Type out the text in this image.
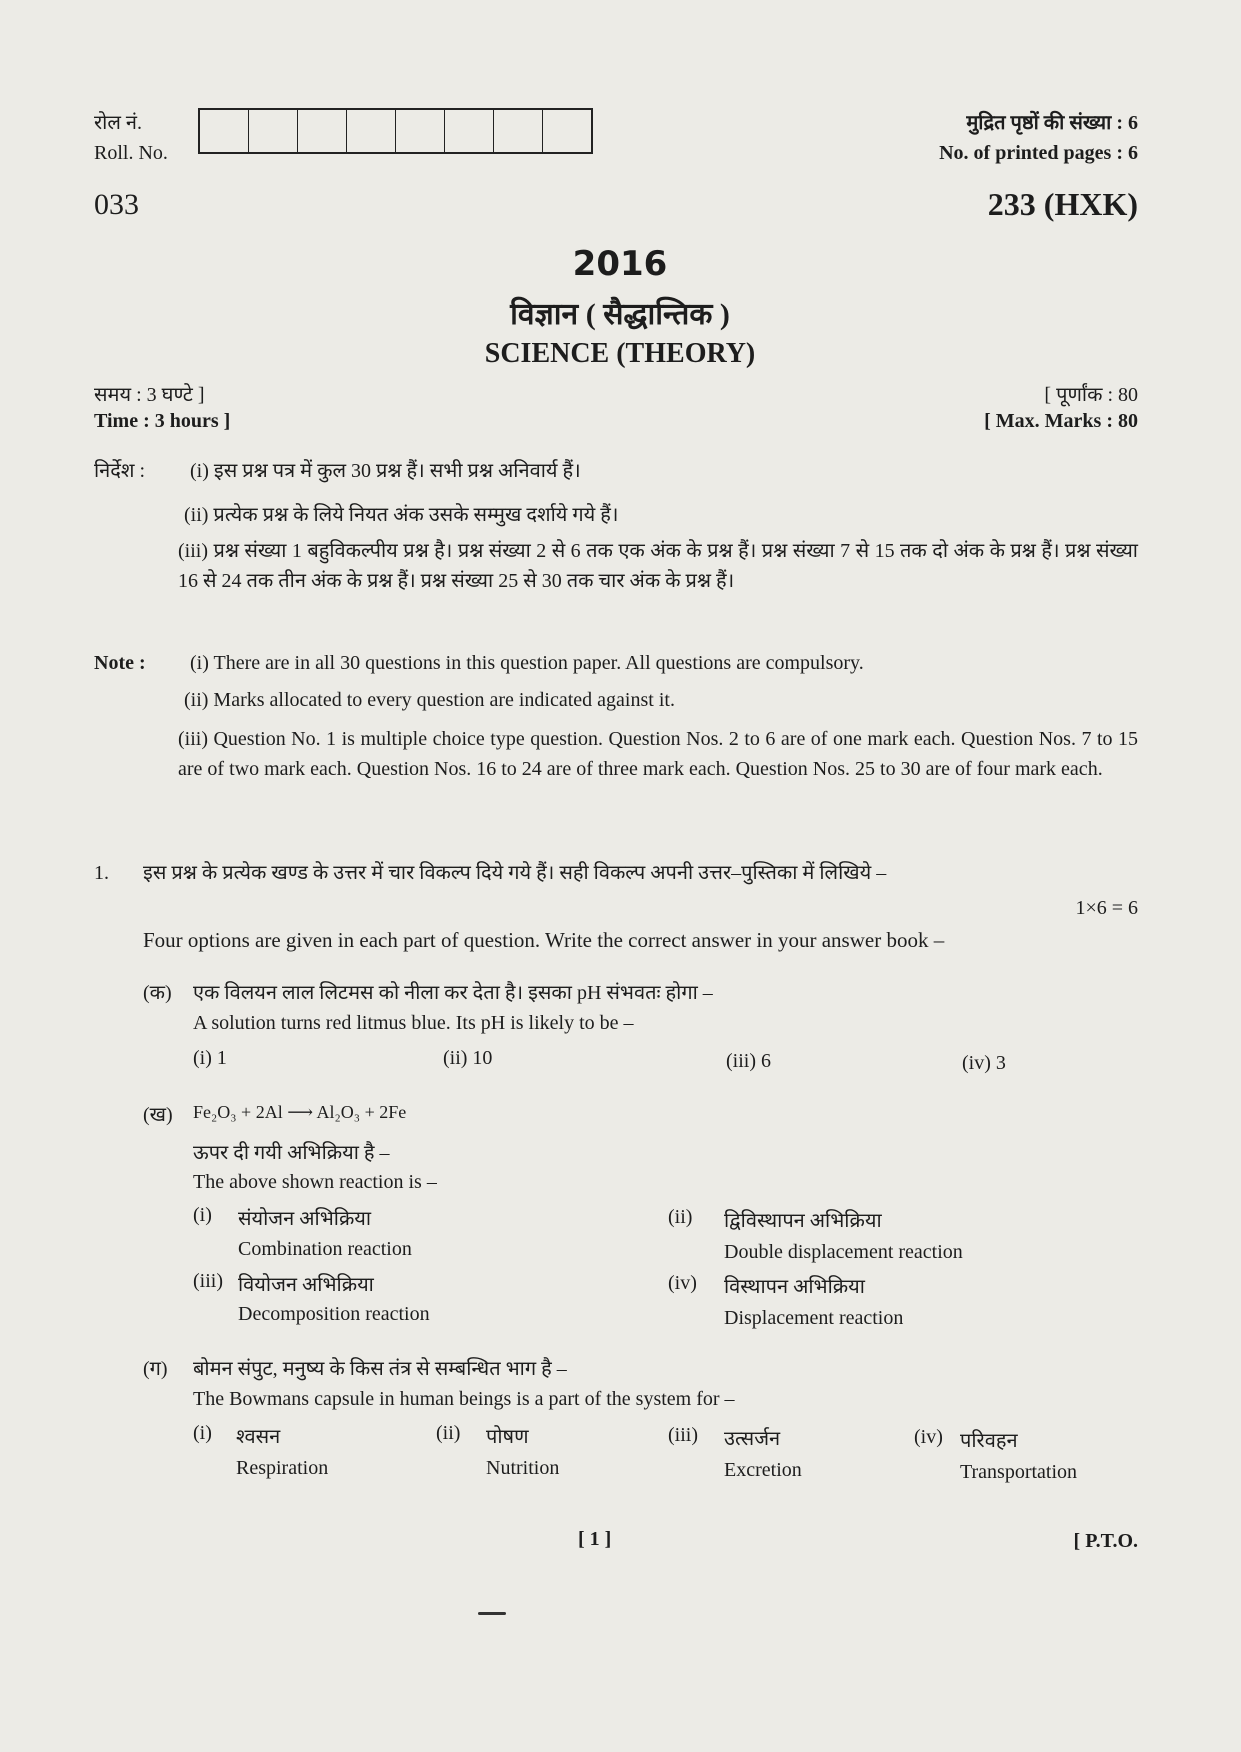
रोल नं.
Roll. No.
मुद्रित पृष्ठों की संख्या : 6
No. of printed pages : 6
033	233 (HXK)
2016
विज्ञान ( सैद्धान्तिक )
SCIENCE (THEORY)
समय : 3 घण्टे ]
Time : 3 hours ]
[ पूर्णांक : 80
[ Max. Marks : 80
निर्देश : (i) इस प्रश्न पत्र में कुल 30 प्रश्न हैं। सभी प्रश्न अनिवार्य हैं।
(ii) प्रत्येक प्रश्न के लिये नियत अंक उसके सम्मुख दर्शाये गये हैं।
(iii) प्रश्न संख्या 1 बहुविकल्पीय प्रश्न है। प्रश्न संख्या 2 से 6 तक एक अंक के प्रश्न हैं। प्रश्न संख्या 7 से 15 तक दो अंक के प्रश्न हैं। प्रश्न संख्या 16 से 24 तक तीन अंक के प्रश्न हैं। प्रश्न संख्या 25 से 30 तक चार अंक के प्रश्न हैं।
Note : (i) There are in all 30 questions in this question paper. All questions are compulsory.
(ii) Marks allocated to every question are indicated against it.
(iii) Question No. 1 is multiple choice type question. Question Nos. 2 to 6 are of one mark each. Question Nos. 7 to 15 are of two mark each. Question Nos. 16 to 24 are of three mark each. Question Nos. 25 to 30 are of four mark each.
1. इस प्रश्न के प्रत्येक खण्ड के उत्तर में चार विकल्प दिये गये हैं। सही विकल्प अपनी उत्तर–पुस्तिका में लिखिये –
1×6 = 6
Four options are given in each part of question. Write the correct answer in your answer book –
(क) एक विलयन लाल लिटमस को नीला कर देता है। इसका pH संभवतः होगा –
A solution turns red litmus blue. Its pH is likely to be –
(i) 1	(ii) 10	(iii) 6	(iv) 3
(ख) Fe₂O₃ + 2Al ⟶ Al₂O₃ + 2Fe
ऊपर दी गयी अभिक्रिया है –
The above shown reaction is –
(i) संयोजन अभिक्रिया
Combination reaction
(ii) द्विविस्थापन अभिक्रिया
Double displacement reaction
(iii) वियोजन अभिक्रिया
Decomposition reaction
(iv) विस्थापन अभिक्रिया
Displacement reaction
(ग) बोमन संपुट, मनुष्य के किस तंत्र से सम्बन्धित भाग है –
The Bowmans capsule in human beings is a part of the system for –
(i) श्वसन
Respiration
(ii) पोषण
Nutrition
(iii) उत्सर्जन
Excretion
(iv) परिवहन
Transportation
[ 1 ]	[ P.T.O.
